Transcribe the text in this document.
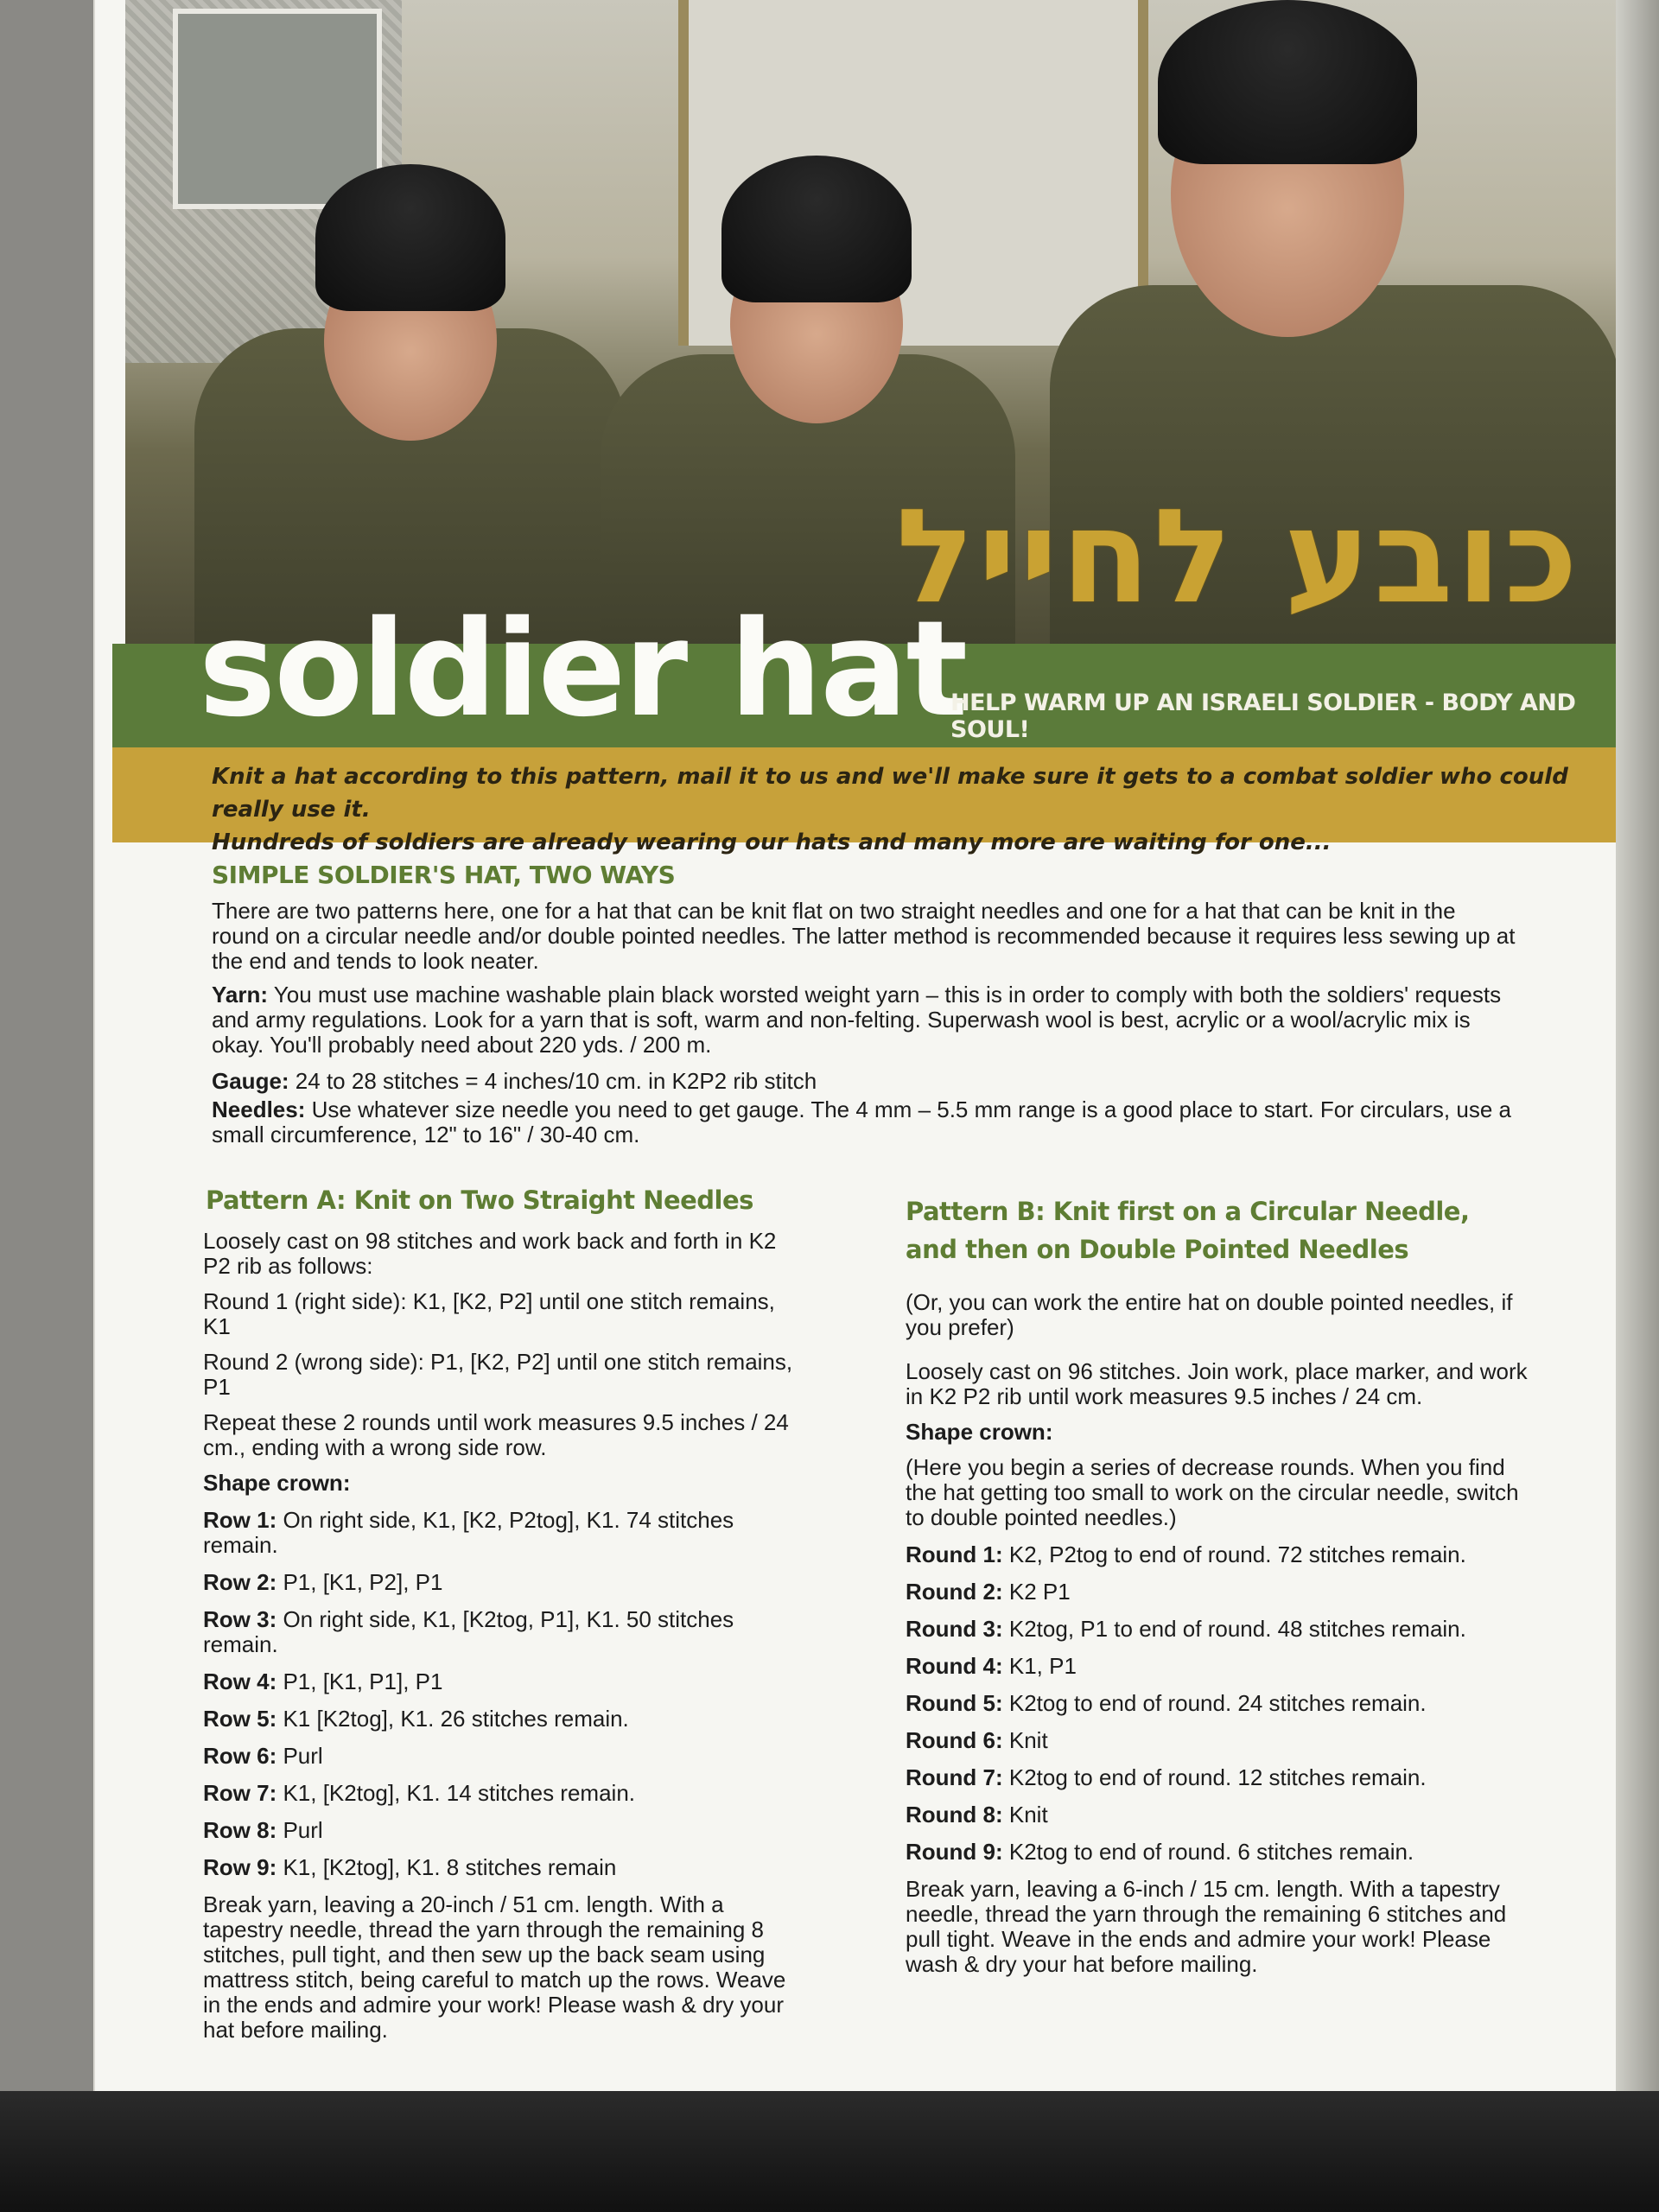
כובע לחייל
soldier hat
HELP WARM UP AN ISRAELI SOLDIER - BODY AND SOUL!
Knit a hat according to this pattern, mail it to us and we'll make sure it gets to a combat soldier who could really use it.
Hundreds of soldiers are already wearing our hats and many more are waiting for one...
SIMPLE SOLDIER'S HAT, TWO WAYS
There are two patterns here, one for a hat that can be knit flat on two straight needles and one for a hat that can be knit in the round on a circular needle and/or double pointed needles. The latter method is recommended because it requires less sewing up at the end and tends to look neater.
Yarn: You must use machine washable plain black worsted weight yarn – this is in order to comply with both the soldiers' requests and army regulations. Look for a yarn that is soft, warm and non-felting. Superwash wool is best, acrylic or a wool/acrylic mix is okay. You'll probably need about 220 yds. / 200 m.
Gauge: 24 to 28 stitches = 4 inches/10 cm. in K2P2 rib stitch
Needles: Use whatever size needle you need to get gauge. The 4 mm – 5.5 mm range is a good place to start. For circulars, use a small circumference, 12" to 16" / 30-40 cm.
Pattern A: Knit on Two Straight Needles

Loosely cast on 98 stitches and work back and forth in K2 P2 rib as follows:

Round 1 (right side): K1, [K2, P2] until one stitch remains, K1

Round 2 (wrong side): P1, [K2, P2] until one stitch remains, P1

Repeat these 2 rounds until work measures 9.5 inches / 24 cm., ending with a wrong side row.

Shape crown:

Row 1: On right side, K1, [K2, P2tog], K1. 74 stitches remain.

Row 2: P1, [K1, P2], P1

Row 3: On right side, K1, [K2tog, P1], K1. 50 stitches remain.

Row 4: P1, [K1, P1], P1

Row 5: K1 [K2tog], K1. 26 stitches remain.

Row 6: Purl

Row 7: K1, [K2tog], K1. 14 stitches remain.

Row 8: Purl

Row 9: K1, [K2tog], K1. 8 stitches remain

Break yarn, leaving a 20-inch / 51 cm. length. With a tapestry needle, thread the yarn through the remaining 8 stitches, pull tight, and then sew up the back seam using mattress stitch, being careful to match up the rows. Weave in the ends and admire your work! Please wash & dry your hat before mailing.

Pattern B: Knit first on a Circular Needle,
and then on Double Pointed Needles

(Or, you can work the entire hat on double pointed needles, if you prefer)

Loosely cast on 96 stitches. Join work, place marker, and work in K2 P2 rib until work measures 9.5 inches / 24 cm.

Shape crown:

(Here you begin a series of decrease rounds. When you find the hat getting too small to work on the circular needle, switch to double pointed needles.)

Round 1: K2, P2tog to end of round. 72 stitches remain.

Round 2: K2 P1

Round 3: K2tog, P1 to end of round. 48 stitches remain.

Round 4: K1, P1

Round 5: K2tog to end of round. 24 stitches remain.

Round 6: Knit

Round 7: K2tog to end of round. 12 stitches remain.

Round 8: Knit

Round 9: K2tog to end of round. 6 stitches remain.

Break yarn, leaving a 6-inch / 15 cm. length. With a tapestry needle, thread the yarn through the remaining 6 stitches and pull tight. Weave in the ends and admire your work! Please wash & dry your hat before mailing.
